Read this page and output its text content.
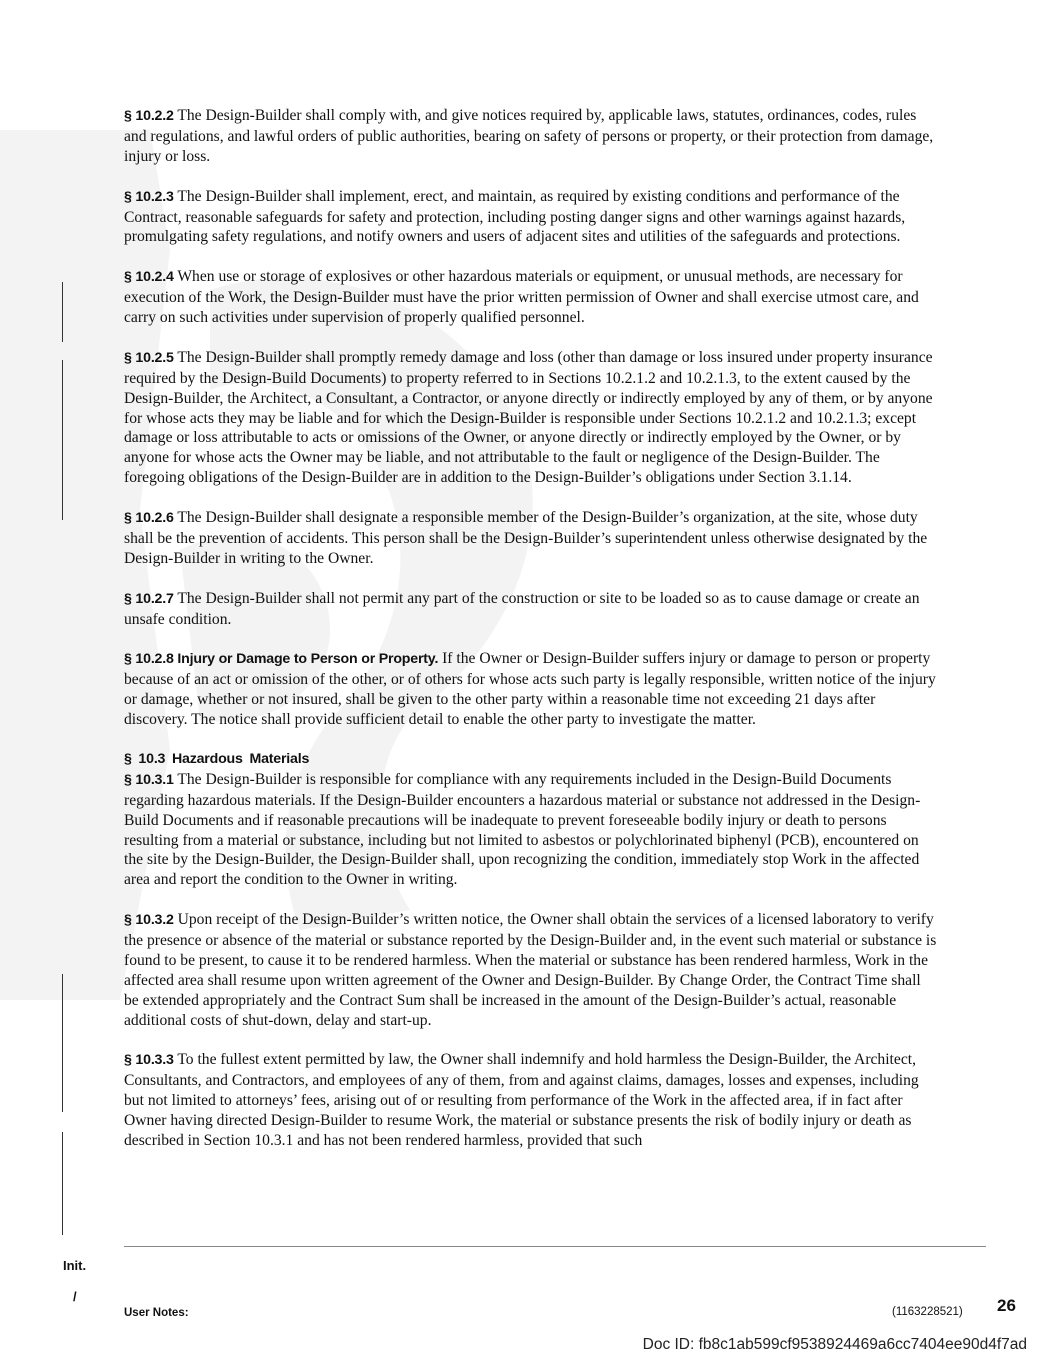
§ 10.2.2 The Design-Builder shall comply with, and give notices required by, applicable laws, statutes, ordinances, codes, rules and regulations, and lawful orders of public authorities, bearing on safety of persons or property, or their protection from damage, injury or loss.

§ 10.2.3 The Design-Builder shall implement, erect, and maintain, as required by existing conditions and performance of the Contract, reasonable safeguards for safety and protection, including posting danger signs and other warnings against hazards, promulgating safety regulations, and notify owners and users of adjacent sites and utilities of the safeguards and protections.

§ 10.2.4 When use or storage of explosives or other hazardous materials or equipment, or unusual methods, are necessary for execution of the Work, the Design-Builder must have the prior written permission of Owner and shall exercise utmost care, and carry on such activities under supervision of properly qualified personnel.

§ 10.2.5 The Design-Builder shall promptly remedy damage and loss (other than damage or loss insured under property insurance required by the Design-Build Documents) to property referred to in Sections 10.2.1.2 and 10.2.1.3, to the extent caused by the Design-Builder, the Architect, a Consultant, a Contractor, or anyone directly or indirectly employed by any of them, or by anyone for whose acts they may be liable and for which the Design-Builder is responsible under Sections 10.2.1.2 and 10.2.1.3; except damage or loss attributable to acts or omissions of the Owner, or anyone directly or indirectly employed by the Owner, or by anyone for whose acts the Owner may be liable, and not attributable to the fault or negligence of the Design-Builder. The foregoing obligations of the Design-Builder are in addition to the Design-Builder’s obligations under Section 3.1.14.

§ 10.2.6 The Design-Builder shall designate a responsible member of the Design-Builder’s organization, at the site, whose duty shall be the prevention of accidents. This person shall be the Design-Builder’s superintendent unless otherwise designated by the Design-Builder in writing to the Owner.

§ 10.2.7 The Design-Builder shall not permit any part of the construction or site to be loaded so as to cause damage or create an unsafe condition.

§ 10.2.8 Injury or Damage to Person or Property. If the Owner or Design-Builder suffers injury or damage to person or property because of an act or omission of the other, or of others for whose acts such party is legally responsible, written notice of the injury or damage, whether or not insured, shall be given to the other party within a reasonable time not exceeding 21 days after discovery. The notice shall provide sufficient detail to enable the other party to investigate the matter.

§ 10.3 Hazardous Materials

§ 10.3.1 The Design-Builder is responsible for compliance with any requirements included in the Design-Build Documents regarding hazardous materials. If the Design-Builder encounters a hazardous material or substance not addressed in the Design-Build Documents and if reasonable precautions will be inadequate to prevent foreseeable bodily injury or death to persons resulting from a material or substance, including but not limited to asbestos or polychlorinated biphenyl (PCB), encountered on the site by the Design-Builder, the Design-Builder shall, upon recognizing the condition, immediately stop Work in the affected area and report the condition to the Owner in writing.

§ 10.3.2 Upon receipt of the Design-Builder’s written notice, the Owner shall obtain the services of a licensed laboratory to verify the presence or absence of the material or substance reported by the Design-Builder and, in the event such material or substance is found to be present, to cause it to be rendered harmless. When the material or substance has been rendered harmless, Work in the affected area shall resume upon written agreement of the Owner and Design-Builder. By Change Order, the Contract Time shall be extended appropriately and the Contract Sum shall be increased in the amount of the Design-Builder’s actual, reasonable additional costs of shut-down, delay and start-up.

§ 10.3.3 To the fullest extent permitted by law, the Owner shall indemnify and hold harmless the Design-Builder, the Architect, Consultants, and Contractors, and employees of any of them, from and against claims, damages, losses and expenses, including but not limited to attorneys’ fees, arising out of or resulting from performance of the Work in the affected area, if in fact after Owner having directed Design-Builder to resume Work, the material or substance presents the risk of bodily injury or death as described in Section 10.3.1 and has not been rendered harmless, provided that such

Init.
/	26
User Notes:	(1163228521)
Doc ID: fb8c1ab599cf9538924469a6cc7404ee90d4f7ad
